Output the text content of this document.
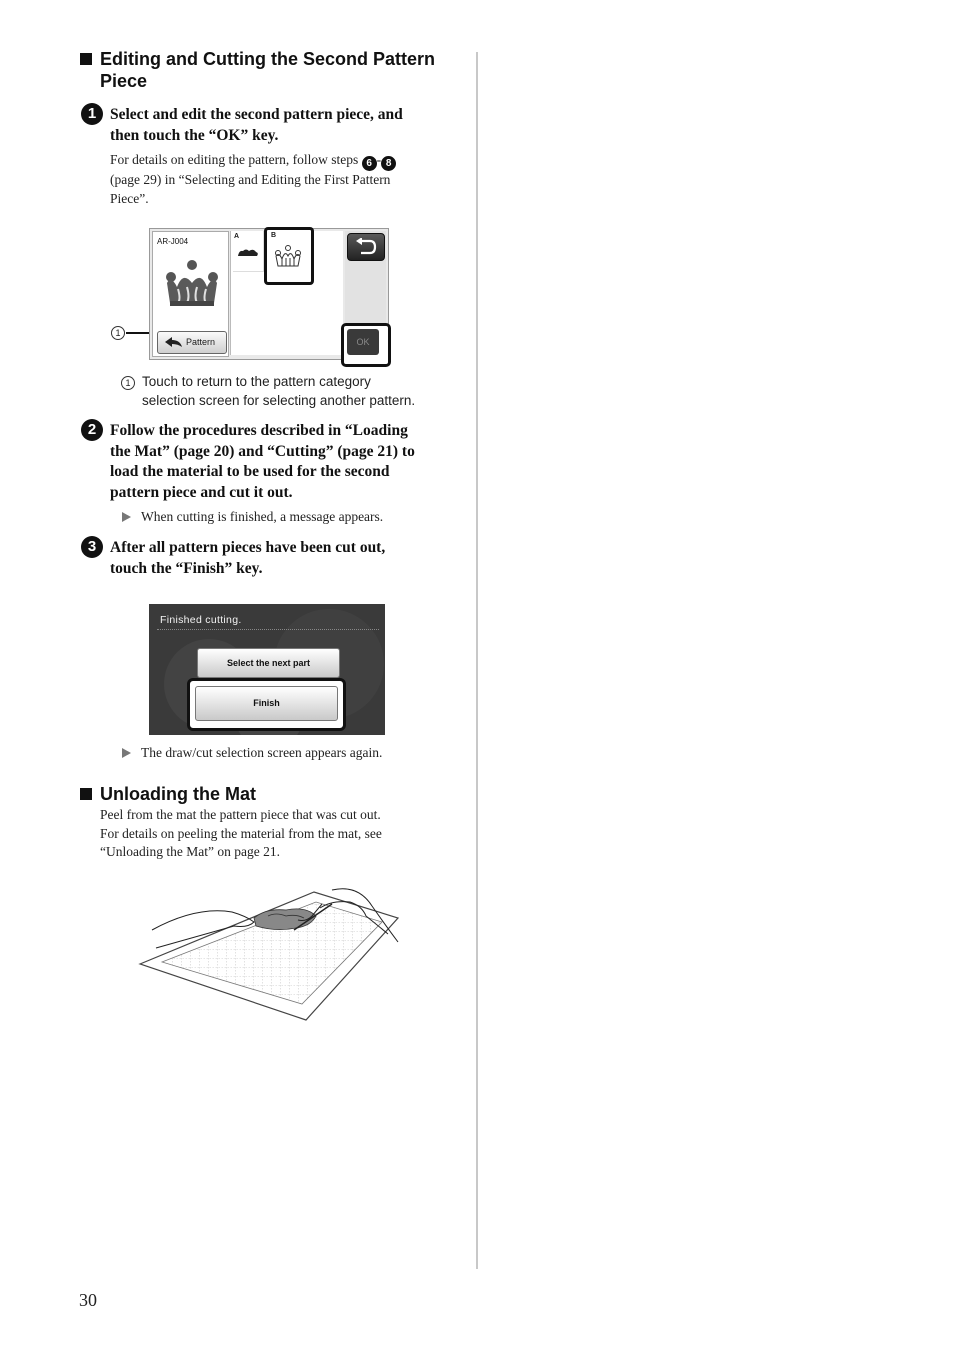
Editing and Cutting the Second Pattern
Piece
1 Select and edit the second pattern piece, and
then touch the “OK” key.
For details on editing the pattern, follow steps 6 - 8
(page 29) in “Selecting and Editing the First Pattern
Piece”.
1
AR-J004
Pattern
A	B
OK
1 Touch to return to the pattern category
selection screen for selecting another pattern.
2 Follow the procedures described in “Loading
the Mat” (page 20) and “Cutting” (page 21) to
load the material to be used for the second
pattern piece and cut it out.
When cutting is finished, a message appears.
3 After all pattern pieces have been cut out,
touch the “Finish” key.
Finished cutting.
Select the next part
Finish
The draw/cut selection screen appears again.
Unloading the Mat
Peel from the mat the pattern piece that was cut out.
For details on peeling the material from the mat, see
“Unloading the Mat” on page 21.
30
